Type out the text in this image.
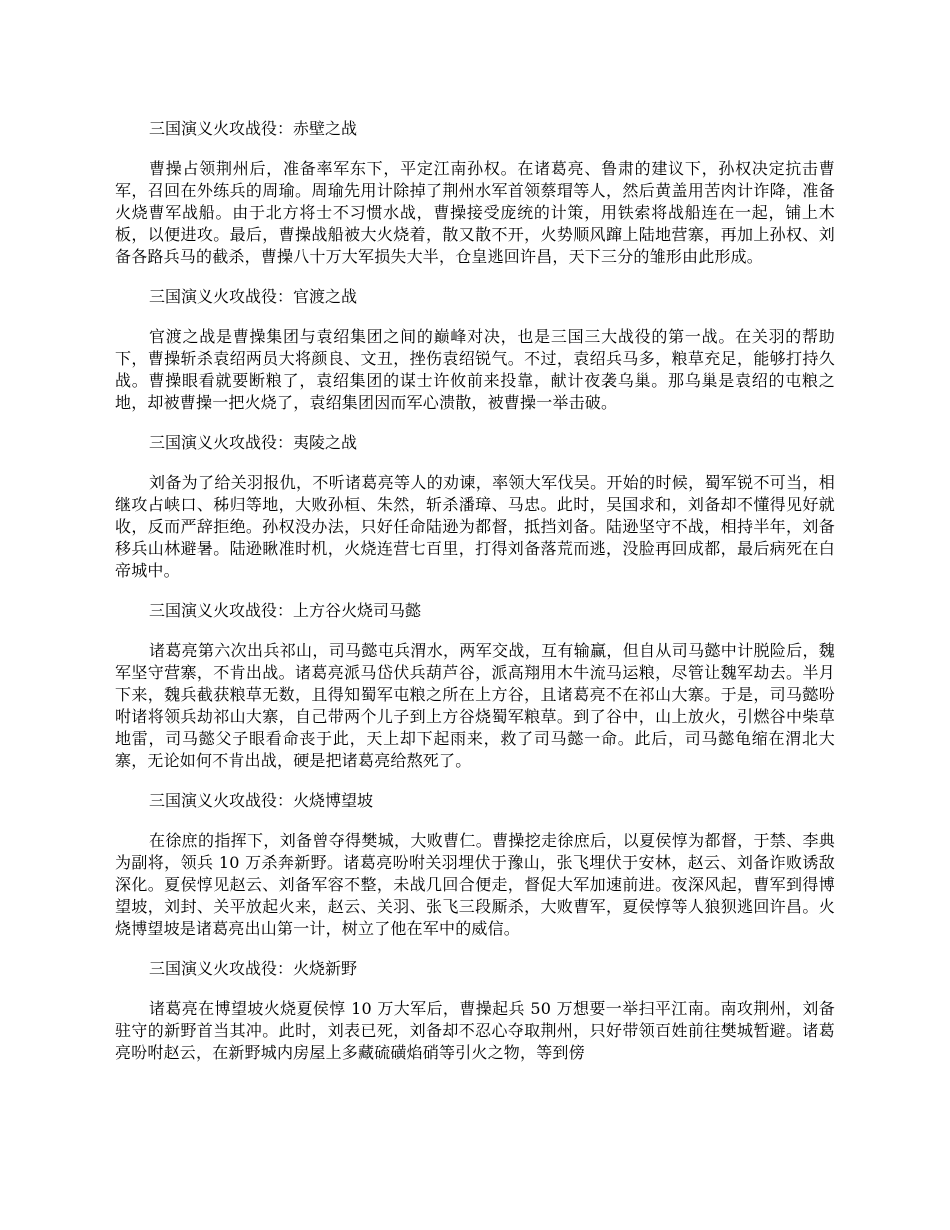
三国演义火攻战役：赤壁之战

曹操占领荆州后，准备率军东下，平定江南孙权。在诸葛亮、鲁肃的建议下，孙权决定抗击曹军，召回在外练兵的周瑜。周瑜先用计除掉了荆州水军首领蔡瑁等人，然后黄盖用苦肉计诈降，准备火烧曹军战船。由于北方将士不习惯水战，曹操接受庞统的计策，用铁索将战船连在一起，铺上木板，以便进攻。最后，曹操战船被大火烧着，散又散不开，火势顺风蹿上陆地营寨，再加上孙权、刘备各路兵马的截杀，曹操八十万大军损失大半，仓皇逃回许昌，天下三分的雏形由此形成。

三国演义火攻战役：官渡之战

官渡之战是曹操集团与袁绍集团之间的巅峰对决，也是三国三大战役的第一战。在关羽的帮助下，曹操斩杀袁绍两员大将颜良、文丑，挫伤袁绍锐气。不过，袁绍兵马多，粮草充足，能够打持久战。曹操眼看就要断粮了，袁绍集团的谋士许攸前来投靠，献计夜袭乌巢。那乌巢是袁绍的屯粮之地，却被曹操一把火烧了，袁绍集团因而军心溃散，被曹操一举击破。

三国演义火攻战役：夷陵之战

刘备为了给关羽报仇，不听诸葛亮等人的劝谏，率领大军伐吴。开始的时候，蜀军锐不可当，相继攻占峡口、秭归等地，大败孙桓、朱然，斩杀潘璋、马忠。此时，吴国求和，刘备却不懂得见好就收，反而严辞拒绝。孙权没办法，只好任命陆逊为都督，抵挡刘备。陆逊坚守不战，相持半年，刘备移兵山林避暑。陆逊瞅准时机，火烧连营七百里，打得刘备落荒而逃，没脸再回成都，最后病死在白帝城中。

三国演义火攻战役：上方谷火烧司马懿

诸葛亮第六次出兵祁山，司马懿屯兵渭水，两军交战，互有输赢，但自从司马懿中计脱险后，魏军坚守营寨，不肯出战。诸葛亮派马岱伏兵葫芦谷，派高翔用木牛流马运粮，尽管让魏军劫去。半月下来，魏兵截获粮草无数，且得知蜀军屯粮之所在上方谷，且诸葛亮不在祁山大寨。于是，司马懿吩咐诸将领兵劫祁山大寨，自己带两个儿子到上方谷烧蜀军粮草。到了谷中，山上放火，引燃谷中柴草地雷，司马懿父子眼看命丧于此，天上却下起雨来，救了司马懿一命。此后，司马懿龟缩在渭北大寨，无论如何不肯出战，硬是把诸葛亮给熬死了。

三国演义火攻战役：火烧博望坡

在徐庶的指挥下，刘备曾夺得樊城，大败曹仁。曹操挖走徐庶后，以夏侯惇为都督，于禁、李典为副将，领兵 10 万杀奔新野。诸葛亮吩咐关羽埋伏于豫山，张飞埋伏于安林，赵云、刘备诈败诱敌深化。夏侯惇见赵云、刘备军容不整，未战几回合便走，督促大军加速前进。夜深风起，曹军到得博望坡，刘封、关平放起火来，赵云、关羽、张飞三段厮杀，大败曹军，夏侯惇等人狼狈逃回许昌。火烧博望坡是诸葛亮出山第一计，树立了他在军中的威信。

三国演义火攻战役：火烧新野

诸葛亮在博望坡火烧夏侯惇 10 万大军后，曹操起兵 50 万想要一举扫平江南。南攻荆州，刘备驻守的新野首当其冲。此时，刘表已死，刘备却不忍心夺取荆州，只好带领百姓前往樊城暂避。诸葛亮吩咐赵云，在新野城内房屋上多藏硫磺焰硝等引火之物，等到傍
